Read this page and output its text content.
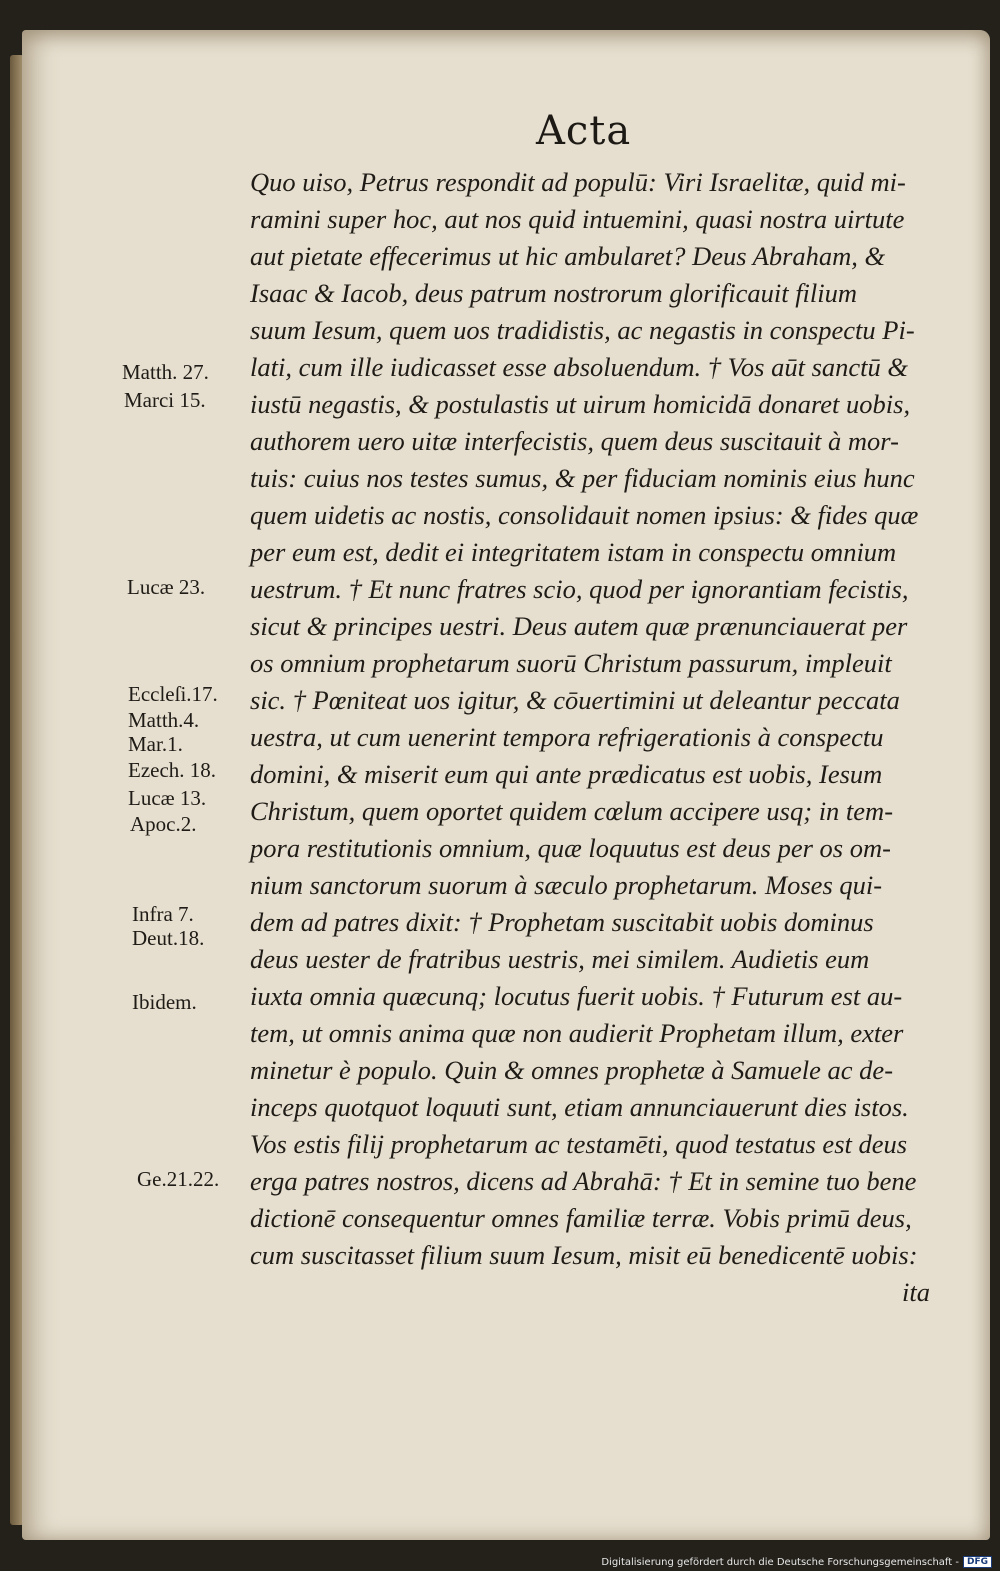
Acta
Quo uiso, Petrus respondit ad populū: Viri Israelitæ, quid mi-
ramini super hoc, aut nos quid intuemini, quasi nostra uirtute
aut pietate effecerimus ut hic ambularet? Deus Abraham, &
Isaac & Iacob, deus patrum nostrorum glorificauit filium
suum Iesum, quem uos tradidistis, ac negastis in conspectu Pi-
lati, cum ille iudicasset esse absoluendum. † Vos aūt sanctū &
iustū negastis, & postulastis ut uirum homicidā donaret uobis,
authorem uero uitæ interfecistis, quem deus suscitauit à mor-
tuis: cuius nos testes sumus, & per fiduciam nominis eius hunc
quem uidetis ac nostis, consolidauit nomen ipsius: & fides quæ
per eum est, dedit ei integritatem istam in conspectu omnium
uestrum. † Et nunc fratres scio, quod per ignorantiam fecistis,
sicut & principes uestri. Deus autem quæ prænunciauerat per
os omnium prophetarum suorū Christum passurum, impleuit
sic. † Pœniteat uos igitur, & cōuertimini ut deleantur peccata
uestra, ut cum uenerint tempora refrigerationis à conspectu
domini, & miserit eum qui ante prædicatus est uobis, Iesum
Christum, quem oportet quidem cœlum accipere usq; in tem-
pora restitutionis omnium, quæ loquutus est deus per os om-
nium sanctorum suorum à sæculo prophetarum. Moses qui-
dem ad patres dixit: † Prophetam suscitabit uobis dominus
deus uester de fratribus uestris, mei similem. Audietis eum
iuxta omnia quæcunq; locutus fuerit uobis. † Futurum est au-
tem, ut omnis anima quæ non audierit Prophetam illum, exter
minetur è populo. Quin & omnes prophetæ à Samuele ac de-
inceps quotquot loquuti sunt, etiam annunciauerunt dies istos.
Vos estis filij prophetarum ac testamēti, quod testatus est deus
erga patres nostros, dicens ad Abrahā: † Et in semine tuo bene
dictionē consequentur omnes familiæ terræ. Vobis primū deus,
cum suscitasset filium suum Iesum, misit eū benedicentē uobis:
ita
Matth. 27.
Marci 15.
Lucæ 23.
Eccleſi.17.
Matth.4.
Mar.1.
Ezech. 18.
Lucæ 13.
Apoc.2.
Infra 7.
Deut.18.
Ibidem.
Ge.21.22.
Digitalisierung gefördert durch die Deutsche Forschungsgemeinschaft - DFG
